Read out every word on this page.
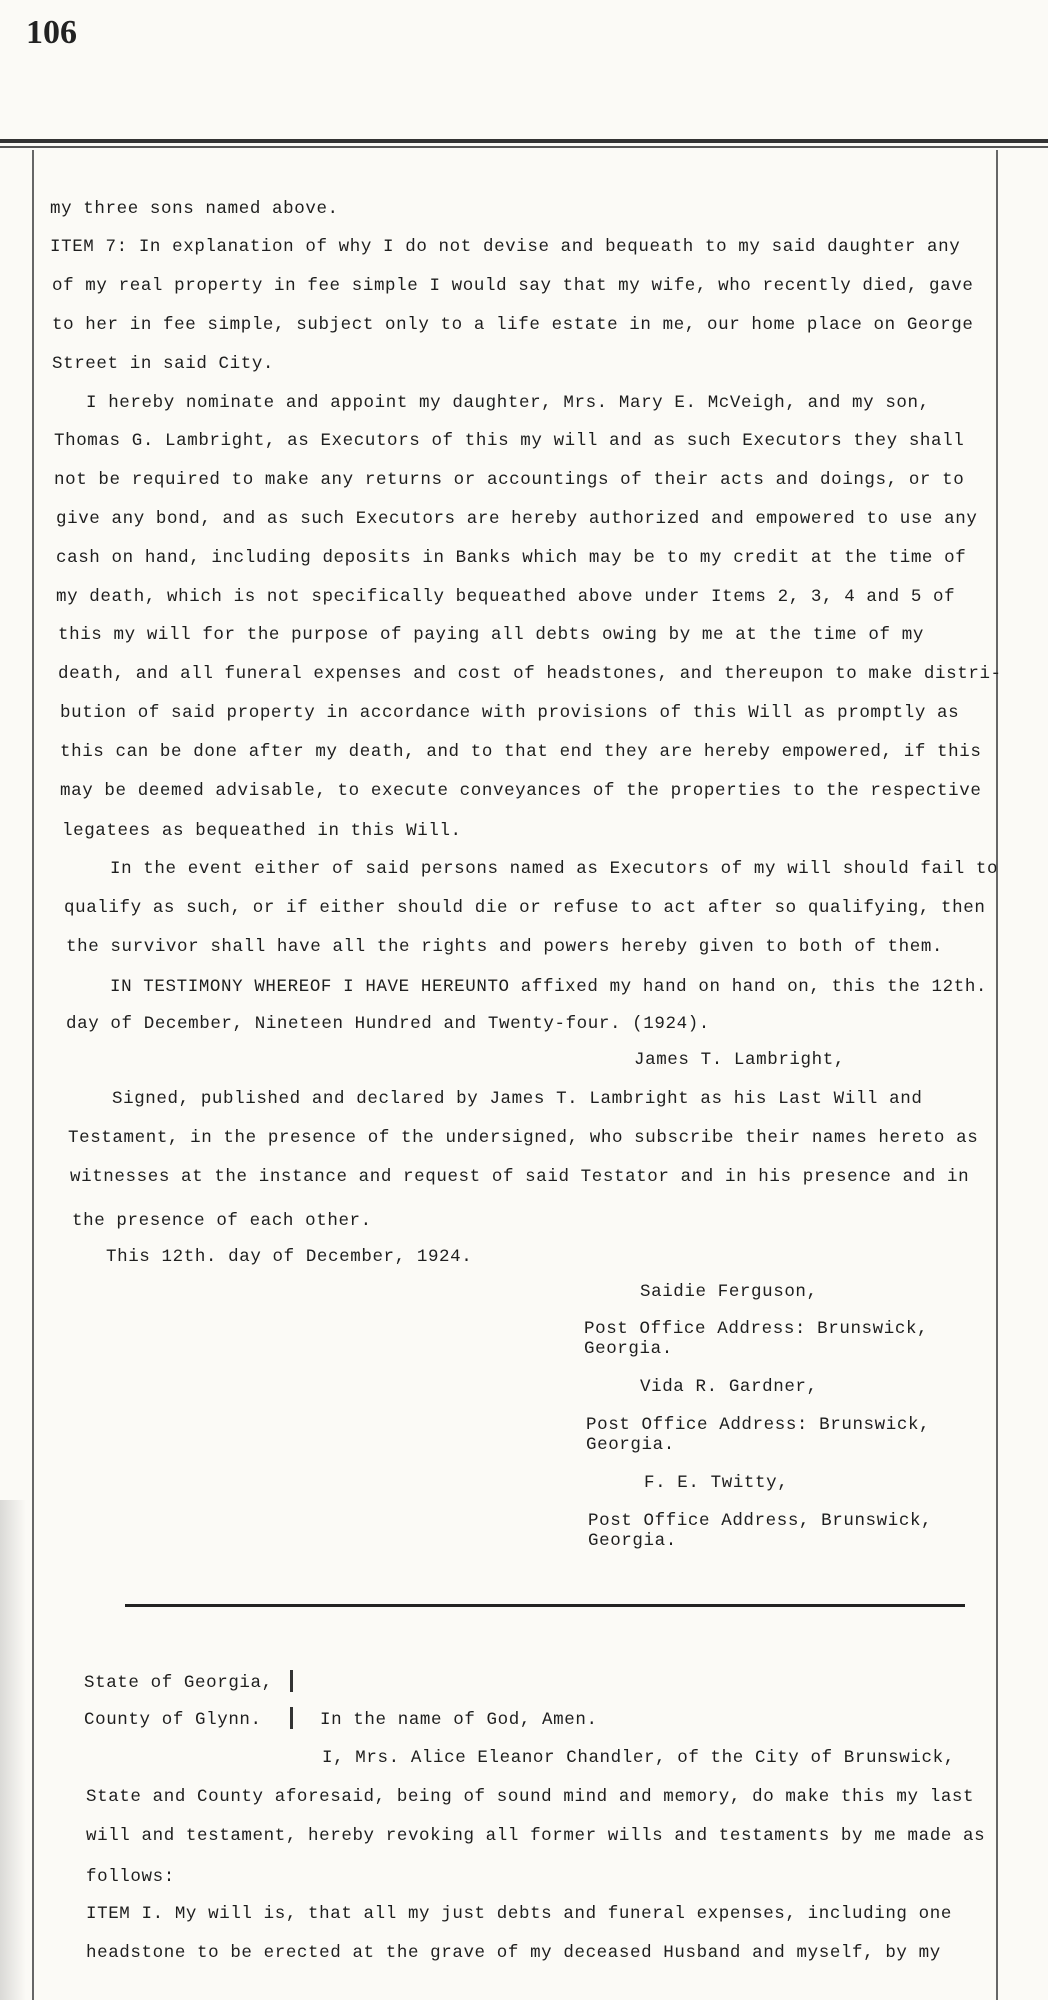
106
my three sons named above.
ITEM 7: In explanation of why I do not devise and bequeath to my said daughter any
of my real property in fee simple I would say that my wife, who recently died, gave
to her in fee simple, subject only to a life estate in me, our home place on George
Street in said City.
I hereby nominate and appoint my daughter, Mrs. Mary E. McVeigh, and my son,
Thomas G. Lambright, as Executors of this my will and as such Executors they shall
not be required to make any returns or accountings of their acts and doings, or to
give any bond, and as such Executors are hereby authorized and empowered to use any
cash on hand, including deposits in Banks which may be to my credit at the time of
my death, which is not specifically bequeathed above under Items 2, 3, 4 and 5 of
this my will for the purpose of paying all debts owing by me at the time of my
death, and all funeral expenses and cost of headstones, and thereupon to make distri-
bution of said property in accordance with provisions of this Will as promptly as
this can be done after my death, and to that end they are hereby empowered, if this
may be deemed advisable, to execute conveyances of the properties to the respective
legatees as bequeathed in this Will.
In the event either of said persons named as Executors of my will should fail to
qualify as such, or if either should die or refuse to act after so qualifying, then
the survivor shall have all the rights and powers hereby given to both of them.
IN TESTIMONY WHEREOF I HAVE HEREUNTO affixed my hand on hand on, this the 12th.
day of December, Nineteen Hundred and Twenty-four. (1924).
James T. Lambright,
Signed, published and declared by James T. Lambright as his Last Will and
Testament, in the presence of the undersigned, who subscribe their names hereto as
witnesses at the instance and request of said Testator and in his presence and in
the presence of each other.
This 12th. day of December, 1924.
Saidie Ferguson,
Post Office Address: Brunswick,
Georgia.
Vida R. Gardner,
Post Office Address: Brunswick,
Georgia.
F. E. Twitty,
Post Office Address, Brunswick,
Georgia.
State of Georgia,
County of Glynn.	In the name of God, Amen.
I, Mrs. Alice Eleanor Chandler, of the City of Brunswick,
State and County aforesaid, being of sound mind and memory, do make this my last
will and testament, hereby revoking all former wills and testaments by me made as
follows:
ITEM I. My will is, that all my just debts and funeral expenses, including one
headstone to be erected at the grave of my deceased Husband and myself, by my
